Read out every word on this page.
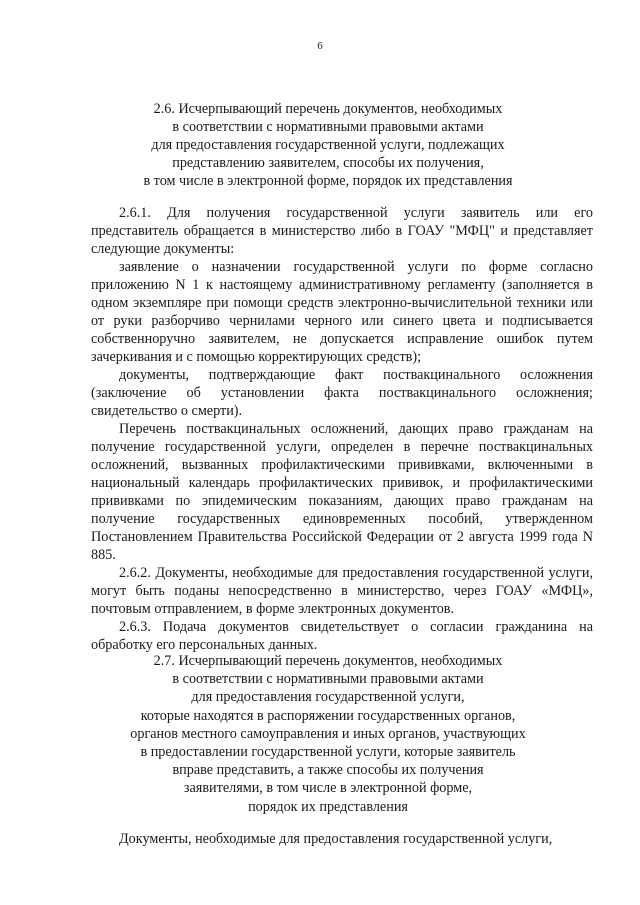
6
2.6. Исчерпывающий перечень документов, необходимых
в соответствии с нормативными правовыми актами
для предоставления государственной услуги, подлежащих
представлению заявителем, способы их получения,
в том числе в электронной форме, порядок их представления

2.6.1. Для получения государственной услуги заявитель или его представитель обращается в министерство либо в ГОАУ "МФЦ" и представляет следующие документы:

заявление о назначении государственной услуги по форме согласно приложению N 1 к настоящему административному регламенту (заполняется в одном экземпляре при помощи средств электронно-вычислительной техники или от руки разборчиво чернилами черного или синего цвета и подписывается собственноручно заявителем, не допускается исправление ошибок путем зачеркивания и с помощью корректирующих средств);

документы, подтверждающие факт поствакцинального осложнения (заключение об установлении факта поствакцинального осложнения; свидетельство о смерти).

Перечень поствакцинальных осложнений, дающих право гражданам на получение государственной услуги, определен в перечне поствакцинальных осложнений, вызванных профилактическими прививками, включенными в национальный календарь профилактических прививок, и профилактическими прививками по эпидемическим показаниям, дающих право гражданам на получение государственных единовременных пособий, утвержденном Постановлением Правительства Российской Федерации от 2 августа 1999 года N 885.

2.6.2. Документы, необходимые для предоставления государственной услуги, могут быть поданы непосредственно в министерство, через ГОАУ «МФЦ», почтовым отправлением, в форме электронных документов.

2.6.3. Подача документов свидетельствует о согласии гражданина на обработку его персональных данных.

2.7. Исчерпывающий перечень документов, необходимых
в соответствии с нормативными правовыми актами
для предоставления государственной услуги,
которые находятся в распоряжении государственных органов,
органов местного самоуправления и иных органов, участвующих
в предоставлении государственной услуги, которые заявитель
вправе представить, а также способы их получения
заявителями, в том числе в электронной форме,
порядок их представления

Документы, необходимые для предоставления государственной услуги,
